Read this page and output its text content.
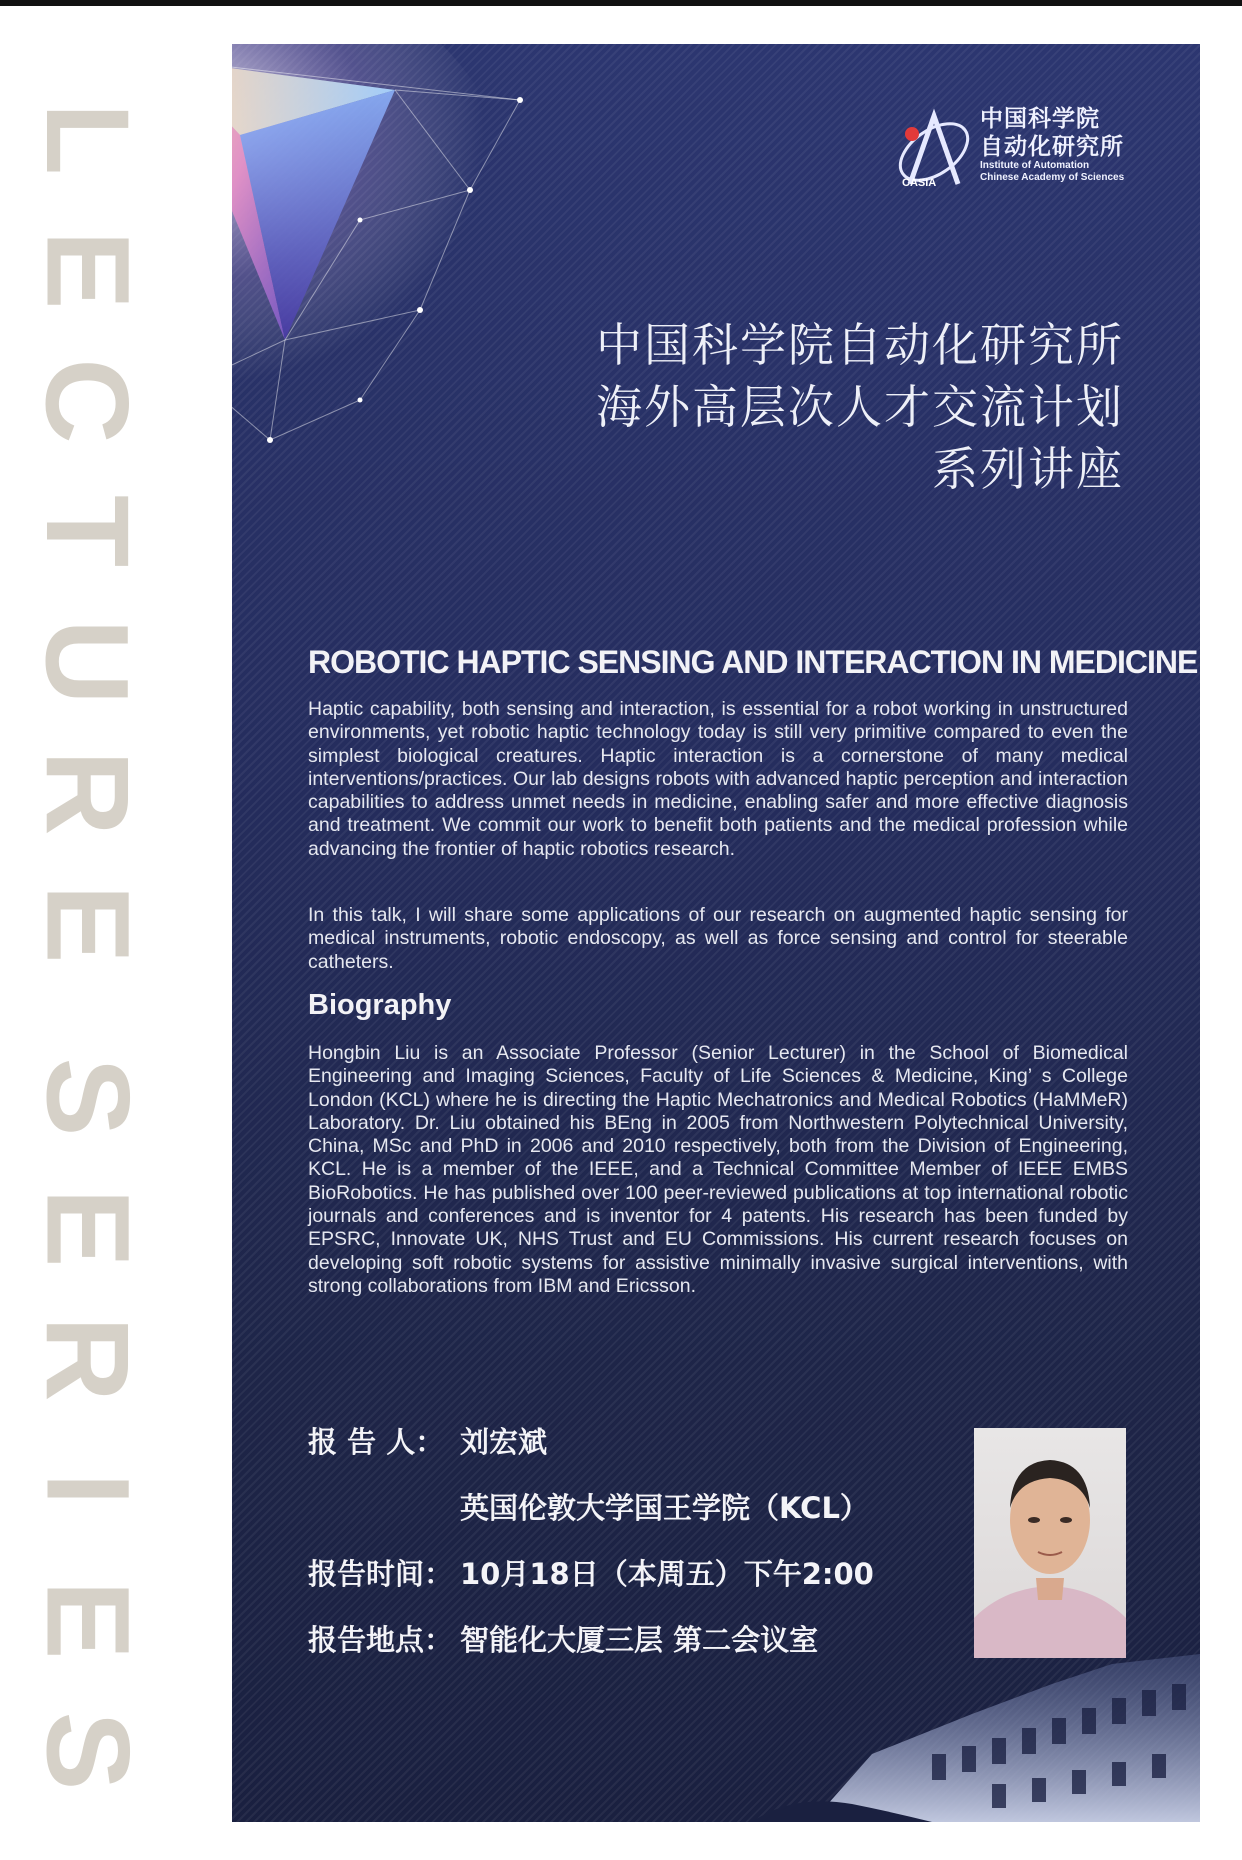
L
E
C
T
U
R
E
S
E
R
I
E
S
CASIA
中国科学院
自动化研究所
Institute of Automation
Chinese Academy of Sciences
中国科学院自动化研究所
海外高层次人才交流计划
系列讲座
ROBOTIC HAPTIC SENSING AND INTERACTION IN MEDICINE
Haptic capability, both sensing and interaction, is essential for a robot working in unstructured environments, yet robotic haptic technology today is still very primitive compared to even the simplest biological creatures. Haptic interaction is a cornerstone of many medical interventions/practices. Our lab designs robots with advanced haptic perception and interaction capabilities to address unmet needs in medicine, enabling safer and more effective diagnosis and treatment. We commit our work to benefit both patients and the medical profession while advancing the frontier of haptic robotics research.
In this talk, I will share some applications of our research on augmented haptic sensing for medical instruments, robotic endoscopy, as well as force sensing and control for steerable catheters.
Biography
Hongbin Liu is an Associate Professor (Senior Lecturer) in the School of Biomedical Engineering and Imaging Sciences, Faculty of Life Sciences & Medicine, King’ s College London (KCL) where he is directing the Haptic Mechatronics and Medical Robotics (HaMMeR) Laboratory. Dr. Liu obtained his BEng in 2005 from Northwestern Polytechnical University, China, MSc and PhD in 2006 and 2010 respectively, both from the Division of Engineering, KCL. He is a member of the IEEE, and a Technical Committee Member of IEEE EMBS BioRobotics. He has published over 100 peer-reviewed publications at top international robotic journals and conferences and is inventor for 4 patents. His research has been funded by EPSRC, Innovate UK, NHS Trust and EU Commissions. His current research focuses on developing soft robotic systems for assistive minimally invasive surgical interventions, with strong collaborations from IBM and Ericsson.
报 告 人： 刘宏斌
英国伦敦大学国王学院（KCL）
报告时间： 10月18日（本周五）下午2:00
报告地点： 智能化大厦三层 第二会议室
